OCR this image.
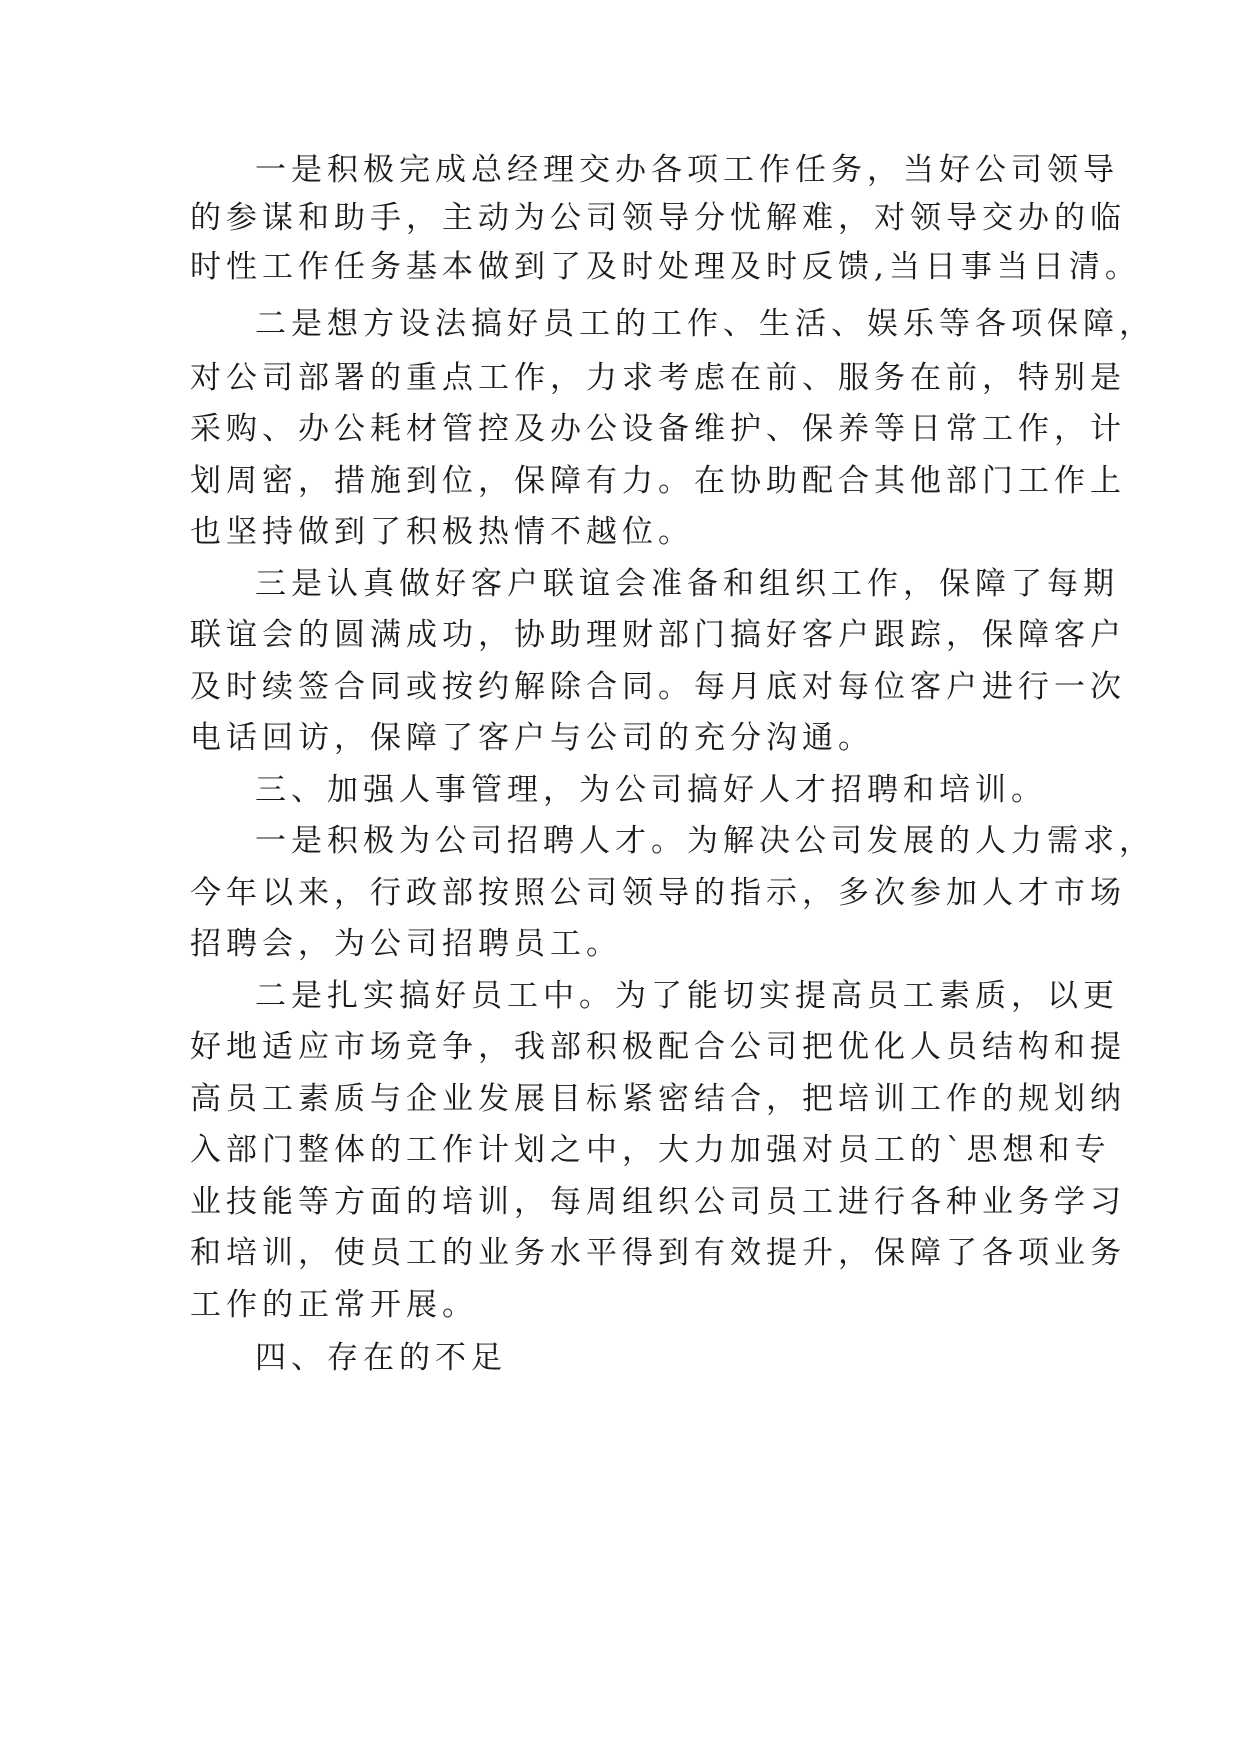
一是积极完成总经理交办各项工作任务，当好公司领导
的参谋和助手，主动为公司领导分忧解难，对领导交办的临
时性工作任务基本做到了及时处理及时反馈,当日事当日清。
二是想方设法搞好员工的工作、生活、娱乐等各项保障，
对公司部署的重点工作，力求考虑在前、服务在前，特别是
采购、办公耗材管控及办公设备维护、保养等日常工作，计
划周密，措施到位，保障有力。在协助配合其他部门工作上
也坚持做到了积极热情不越位。
三是认真做好客户联谊会准备和组织工作，保障了每期
联谊会的圆满成功，协助理财部门搞好客户跟踪，保障客户
及时续签合同或按约解除合同。每月底对每位客户进行一次
电话回访，保障了客户与公司的充分沟通。
三、加强人事管理，为公司搞好人才招聘和培训。
一是积极为公司招聘人才。为解决公司发展的人力需求，
今年以来，行政部按照公司领导的指示，多次参加人才市场
招聘会，为公司招聘员工。
二是扎实搞好员工中。为了能切实提高员工素质，以更
好地适应市场竞争，我部积极配合公司把优化人员结构和提
高员工素质与企业发展目标紧密结合，把培训工作的规划纳
入部门整体的工作计划之中，大力加强对员工的`思想和专
业技能等方面的培训，每周组织公司员工进行各种业务学习
和培训，使员工的业务水平得到有效提升，保障了各项业务
工作的正常开展。
四、存在的不足
